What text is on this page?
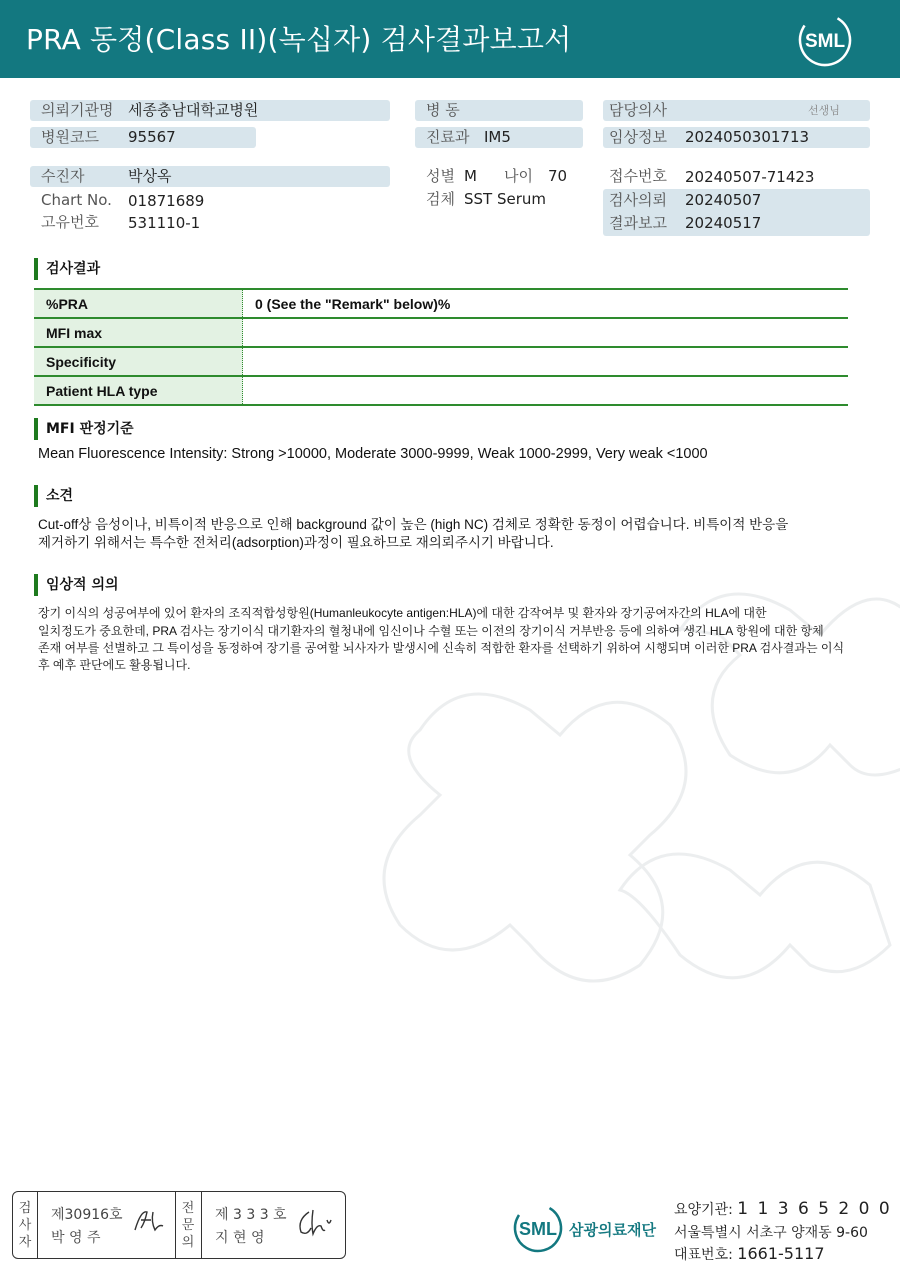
PRA 동정(Class II)(녹십자) 검사결과보고서	SML
의뢰기관명 세종충남대학교병원
병원코드 95567
수진자	박상옥
Chart No. 01871689
고유번호 531110-1
병 동
진료과 IM5
성별 M 나이 70
검체 SST Serum
담당의사	선생님
임상정보 2024050301713
접수번호 20240507-71423
검사의뢰 20240507
결과보고 20240517
검사결과
%PRA	0 (See the "Remark" below)%
MFI max	
Specificity	
Patient HLA type	
MFI 판정기준
Mean Fluorescence Intensity: Strong >10000, Moderate 3000-9999, Weak 1000-2999, Very weak <1000
소견
Cut-off상 음성이나, 비특이적 반응으로 인해 background 값이 높은 (high NC) 검체로 정확한 동정이 어렵습니다. 비특이적 반응을
제거하기 위해서는 특수한 전처리(adsorption)과정이 필요하므로 재의뢰주시기 바랍니다.
임상적 의의
장기 이식의 성공여부에 있어 환자의 조직적합성항원(Humanleukocyte antigen:HLA)에 대한 감작여부 및 환자와 장기공여자간의 HLA에 대한
일치정도가 중요한데, PRA 검사는 장기이식 대기환자의 혈청내에 임신이나 수혈 또는 이전의 장기이식 거부반응 등에 의하여 생긴 HLA 항원에 대한 항체
존재 여부를 선별하고 그 특이성을 동정하여 장기를 공여할 뇌사자가 발생시에 신속히 적합한 환자를 선택하기 위하여 시행되며 이러한 PRA 검사결과는 이식
후 예후 판단에도 활용됩니다.
검
사
자
제30916호
박 영 주
전
문
의
제 3 3 3 호
지 현 영	SML 삼광의료재단
요양기관: 1 1 3 6 5 2 0 0
서울특별시 서초구 양재동 9-60
대표번호: 1661-5117
